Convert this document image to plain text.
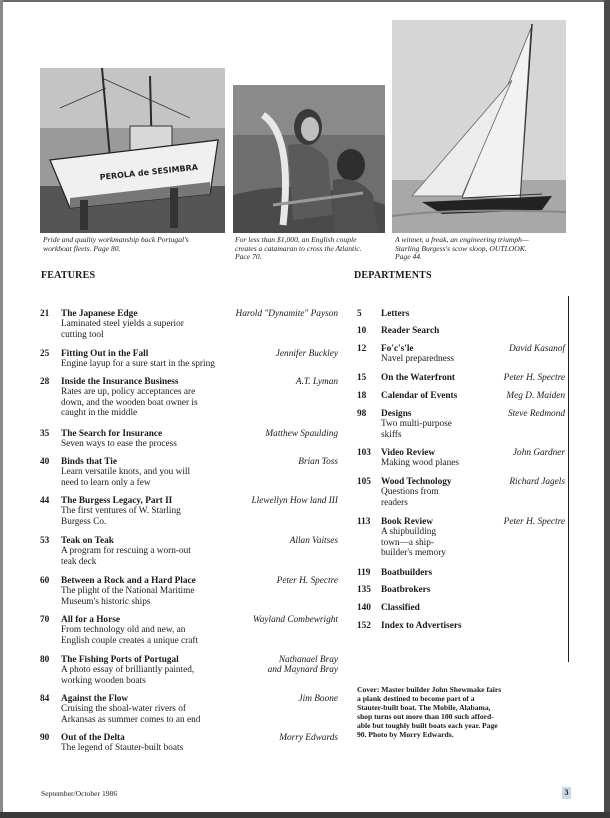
PEROLA de SESIMBRA
Pride and quality workmanship back Portugal's
workboat fleets. Page 80.
For less than $1,000, an English couple
creates a catamaran to cross the Atlantic.
Pace 70.
A winner, a freak, an engineering triumph—
Starling Burgess's scow sloop, OUTLOOK.
Page 44.
FEATURES	DEPARTMENTS
21 The Japanese Edge	Harold "Dynamite" Payson
Laminated steel yields a superior
cutting tool
25 Fitting Out in the Fall	Jennifer Buckley
Engine layup for a sure start in the spring
28 Inside the Insurance Business	A.T. Lyman
Rates are up, policy acceptances are
down, and the wooden boat owner is
caught in the middle
35 The Search for Insurance	Matthew Spaulding
Seven ways to ease the process
40 Binds that Tie	Brian Toss
Learn versatile knots, and you will
need to learn only a few
44 The Burgess Legacy, Part II	Llewellyn How land III
The first ventures of W. Starling
Burgess Co.
53 Teak on Teak	Allan Vaitses
A program for rescuing a worn-out
teak deck
60 Between a Rock and a Hard Place	Peter H. Spectre
The plight of the National Maritime
Museum's historic ships
70 All for a Horse	Wayland Combewright
From technology old and new, an
English couple creates a unique craft
80 The Fishing Ports of Portugal	Nathanael Bray
and Maynard Bray
A photo essay of brilliantly painted,
working wooden boats
84 Against the Flow	Jim Boone
Cruising the shoal-water rivers of
Arkansas as summer comes to an end
90 Out of the Delta	Morry Edwards
The legend of Stauter-built boats
5 Letters
10 Reader Search
12 Fo'c's'le	David Kasanof
Navel preparedness
15 On the Waterfront	Peter H. Spectre
18 Calendar of Events	Meg D. Maiden
98 Designs	Steve Redmond
Two multi-purpose
skiffs
103 Video Review	John Gardner
Making wood planes
105 Wood Technology	Richard Jagels
Questions from
readers
113 Book Review	Peter H. Spectre
A shipbuilding
town—a ship-
builder's memory
119 Boatbuilders
135 Boatbrokers
140 Classified
152 Index to Advertisers
Cover: Master builder John Shewmake fairs
a plank destined to become part of a
Stauter-built boat. The Mobile, Alabama,
shop turns out more than 100 such afford-
able but toughly built boats each year. Page
90. Photo by Morry Edwards.
September/October 1986	3
